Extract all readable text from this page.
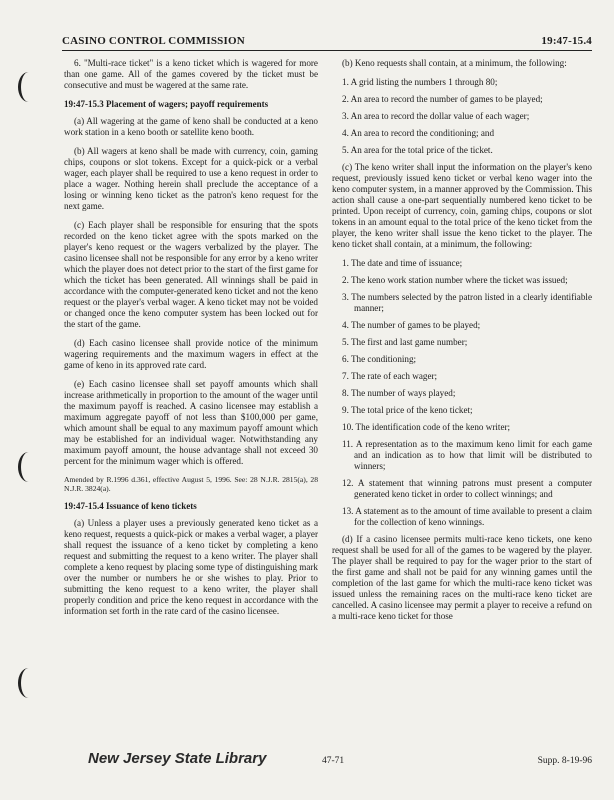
CASINO CONTROL COMMISSION	19:47-15.4

6. "Multi-race ticket" is a keno ticket which is wagered for more than one game. All of the games covered by the ticket must be consecutive and must be wagered at the same rate.

19:47-15.3 Placement of wagers; payoff requirements

(a) All wagering at the game of keno shall be conducted at a keno work station in a keno booth or satellite keno booth.

(b) All wagers at keno shall be made with currency, coin, gaming chips, coupons or slot tokens. Except for a quick-pick or a verbal wager, each player shall be required to use a keno request in order to place a wager. Nothing herein shall preclude the acceptance of a losing or winning keno ticket as the patron's keno request for the next game.

(c) Each player shall be responsible for ensuring that the spots recorded on the keno ticket agree with the spots marked on the player's keno request or the wagers verbalized by the player. The casino licensee shall not be responsible for any error by a keno writer which the player does not detect prior to the start of the first game for which the ticket has been generated. All winnings shall be paid in accordance with the computer-generated keno ticket and not the keno request or the player's verbal wager. A keno ticket may not be voided or changed once the keno computer system has been locked out for the start of the game.

(d) Each casino licensee shall provide notice of the minimum wagering requirements and the maximum wagers in effect at the game of keno in its approved rate card.

(e) Each casino licensee shall set payoff amounts which shall increase arithmetically in proportion to the amount of the wager until the maximum payoff is reached. A casino licensee may establish a maximum aggregate payoff of not less than $100,000 per game, which amount shall be equal to any maximum payoff amount which may be established for an individual wager. Notwithstanding any maximum payoff amount, the house advantage shall not exceed 30 percent for the minimum wager which is offered.

Amended by R.1996 d.361, effective August 5, 1996. See: 28 N.J.R. 2815(a), 28 N.J.R. 3824(a).

19:47-15.4 Issuance of keno tickets

(a) Unless a player uses a previously generated keno ticket as a keno request, requests a quick-pick or makes a verbal wager, a player shall request the issuance of a keno ticket by completing a keno request and submitting the request to a keno writer. The player shall complete a keno request by placing some type of distinguishing mark over the number or numbers he or she wishes to play. Prior to submitting the keno request to a keno writer, the player shall properly condition and price the keno request in accordance with the information set forth in the rate card of the casino licensee.

(b) Keno requests shall contain, at a minimum, the following:

1. A grid listing the numbers 1 through 80;

2. An area to record the number of games to be played;

3. An area to record the dollar value of each wager;

4. An area to record the conditioning; and

5. An area for the total price of the ticket.

(c) The keno writer shall input the information on the player's keno request, previously issued keno ticket or verbal keno wager into the keno computer system, in a manner approved by the Commission. This action shall cause a one-part sequentially numbered keno ticket to be printed. Upon receipt of currency, coin, gaming chips, coupons or slot tokens in an amount equal to the total price of the keno ticket from the player, the keno writer shall issue the keno ticket to the player. The keno ticket shall contain, at a minimum, the following:

1. The date and time of issuance;

2. The keno work station number where the ticket was issued;

3. The numbers selected by the patron listed in a clearly identifiable manner;

4. The number of games to be played;

5. The first and last game number;

6. The conditioning;

7. The rate of each wager;

8. The number of ways played;

9. The total price of the keno ticket;

10. The identification code of the keno writer;

11. A representation as to the maximum keno limit for each game and an indication as to how that limit will be distributed to winners;

12. A statement that winning patrons must present a computer generated keno ticket in order to collect winnings; and

13. A statement as to the amount of time available to present a claim for the collection of keno winnings.

(d) If a casino licensee permits multi-race keno tickets, one keno request shall be used for all of the games to be wagered by the player. The player shall be required to pay for the wager prior to the start of the first game and shall not be paid for any winning games until the completion of the last game for which the multi-race keno ticket was issued unless the remaining races on the multi-race keno ticket are cancelled. A casino licensee may permit a player to receive a refund on a multi-race keno ticket for those

New Jersey State Library	47-71	Supp. 8-19-96
